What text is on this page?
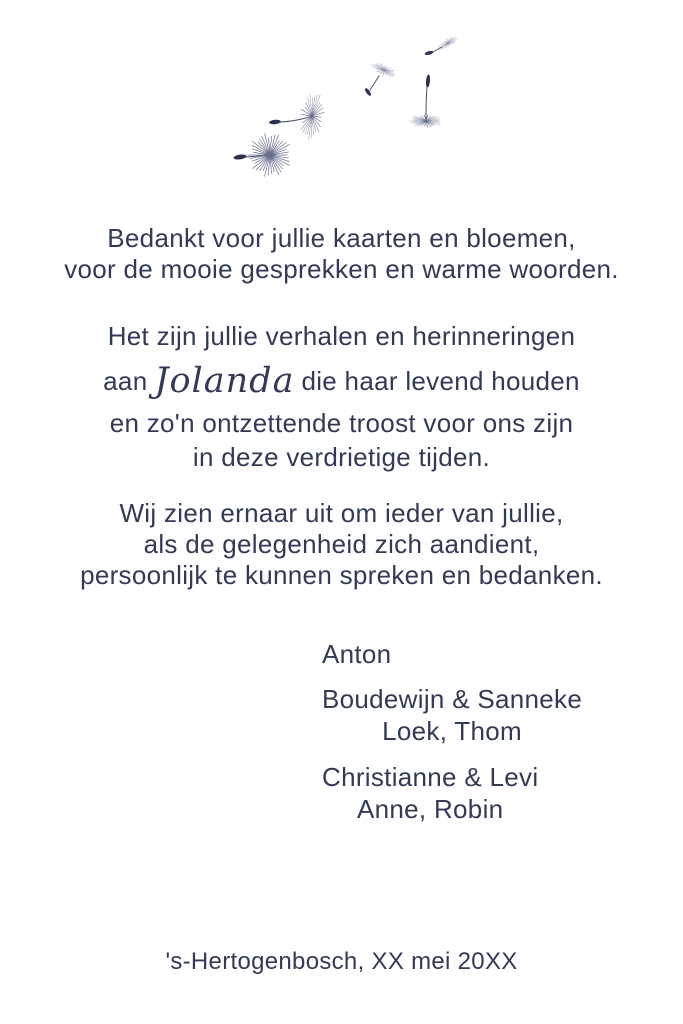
Bedankt voor jullie kaarten en bloemen,
voor de mooie gesprekken en warme woorden.
Het zijn jullie verhalen en herinneringen
aan Jolanda die haar levend houden
en zo'n ontzettende troost voor ons zijn
in deze verdrietige tijden.
Wij zien ernaar uit om ieder van jullie,
als de gelegenheid zich aandient,
persoonlijk te kunnen spreken en bedanken.
Anton
Boudewijn & Sanneke
Loek, Thom
Christianne & Levi
Anne, Robin
's-Hertogenbosch, XX mei 20XX
